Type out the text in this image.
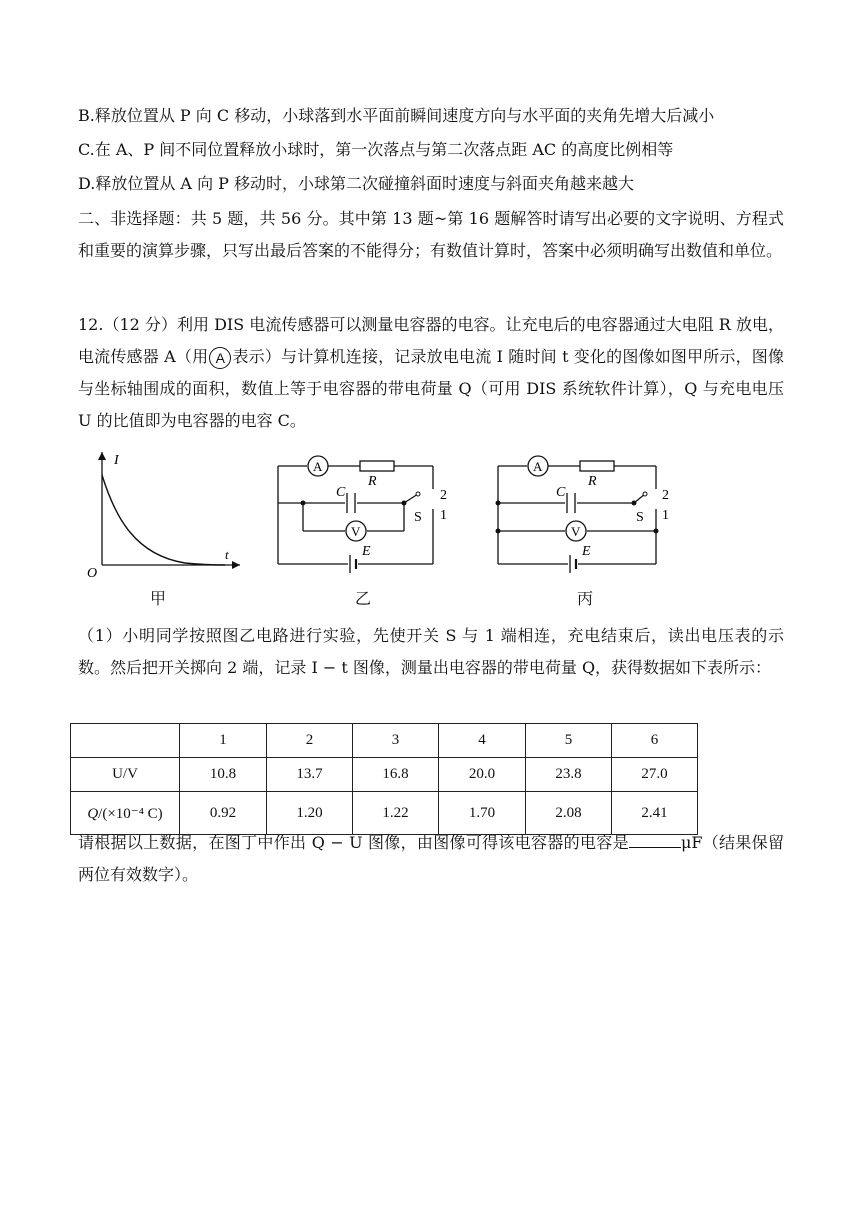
B.释放位置从 P 向 C 移动，小球落到水平面前瞬间速度方向与水平面的夹角先增大后减小
C.在 A、P 间不同位置释放小球时，第一次落点与第二次落点距 AC 的高度比例相等
D.释放位置从 A 向 P 移动时，小球第二次碰撞斜面时速度与斜面夹角越来越大
二、非选择题：共 5 题，共 56 分。其中第 13 题~第 16 题解答时请写出必要的文字说明、方程式和重要的演算步骤，只写出最后答案的不能得分；有数值计算时，答案中必须明确写出数值和单位。
12.（12 分）利用 DIS 电流传感器可以测量电容器的电容。让充电后的电容器通过大电阻 R 放电，电流传感器 A（用 A 表示）与计算机连接，记录放电电流 I 随时间 t 变化的图像如图甲所示，图像与坐标轴围成的面积，数值上等于电容器的带电荷量 Q（可用 DIS 系统软件计算），Q 与充电电压 U 的比值即为电容器的电容 C。
I
t
O
A
R
C
V
E
S
2
1
A
R
C
V
E
S
2
1
甲	乙	丙
（1）小明同学按照图乙电路进行实验，先使开关 S 与 1 端相连，充电结束后，读出电压表的示数。然后把开关掷向 2 端，记录 I − t 图像，测量出电容器的带电荷量 Q，获得数据如下表所示：
	1	2	3	4	5	6
U/V	10.8	13.7	16.8	20.0	23.8	27.0
Q/(×10⁻⁴ C)	0.92	1.20	1.22	1.70	2.08	2.41
请根据以上数据，在图丁中作出 Q − U 图像，由图像可得该电容器的电容是	μF（结果保留两位有效数字）。
